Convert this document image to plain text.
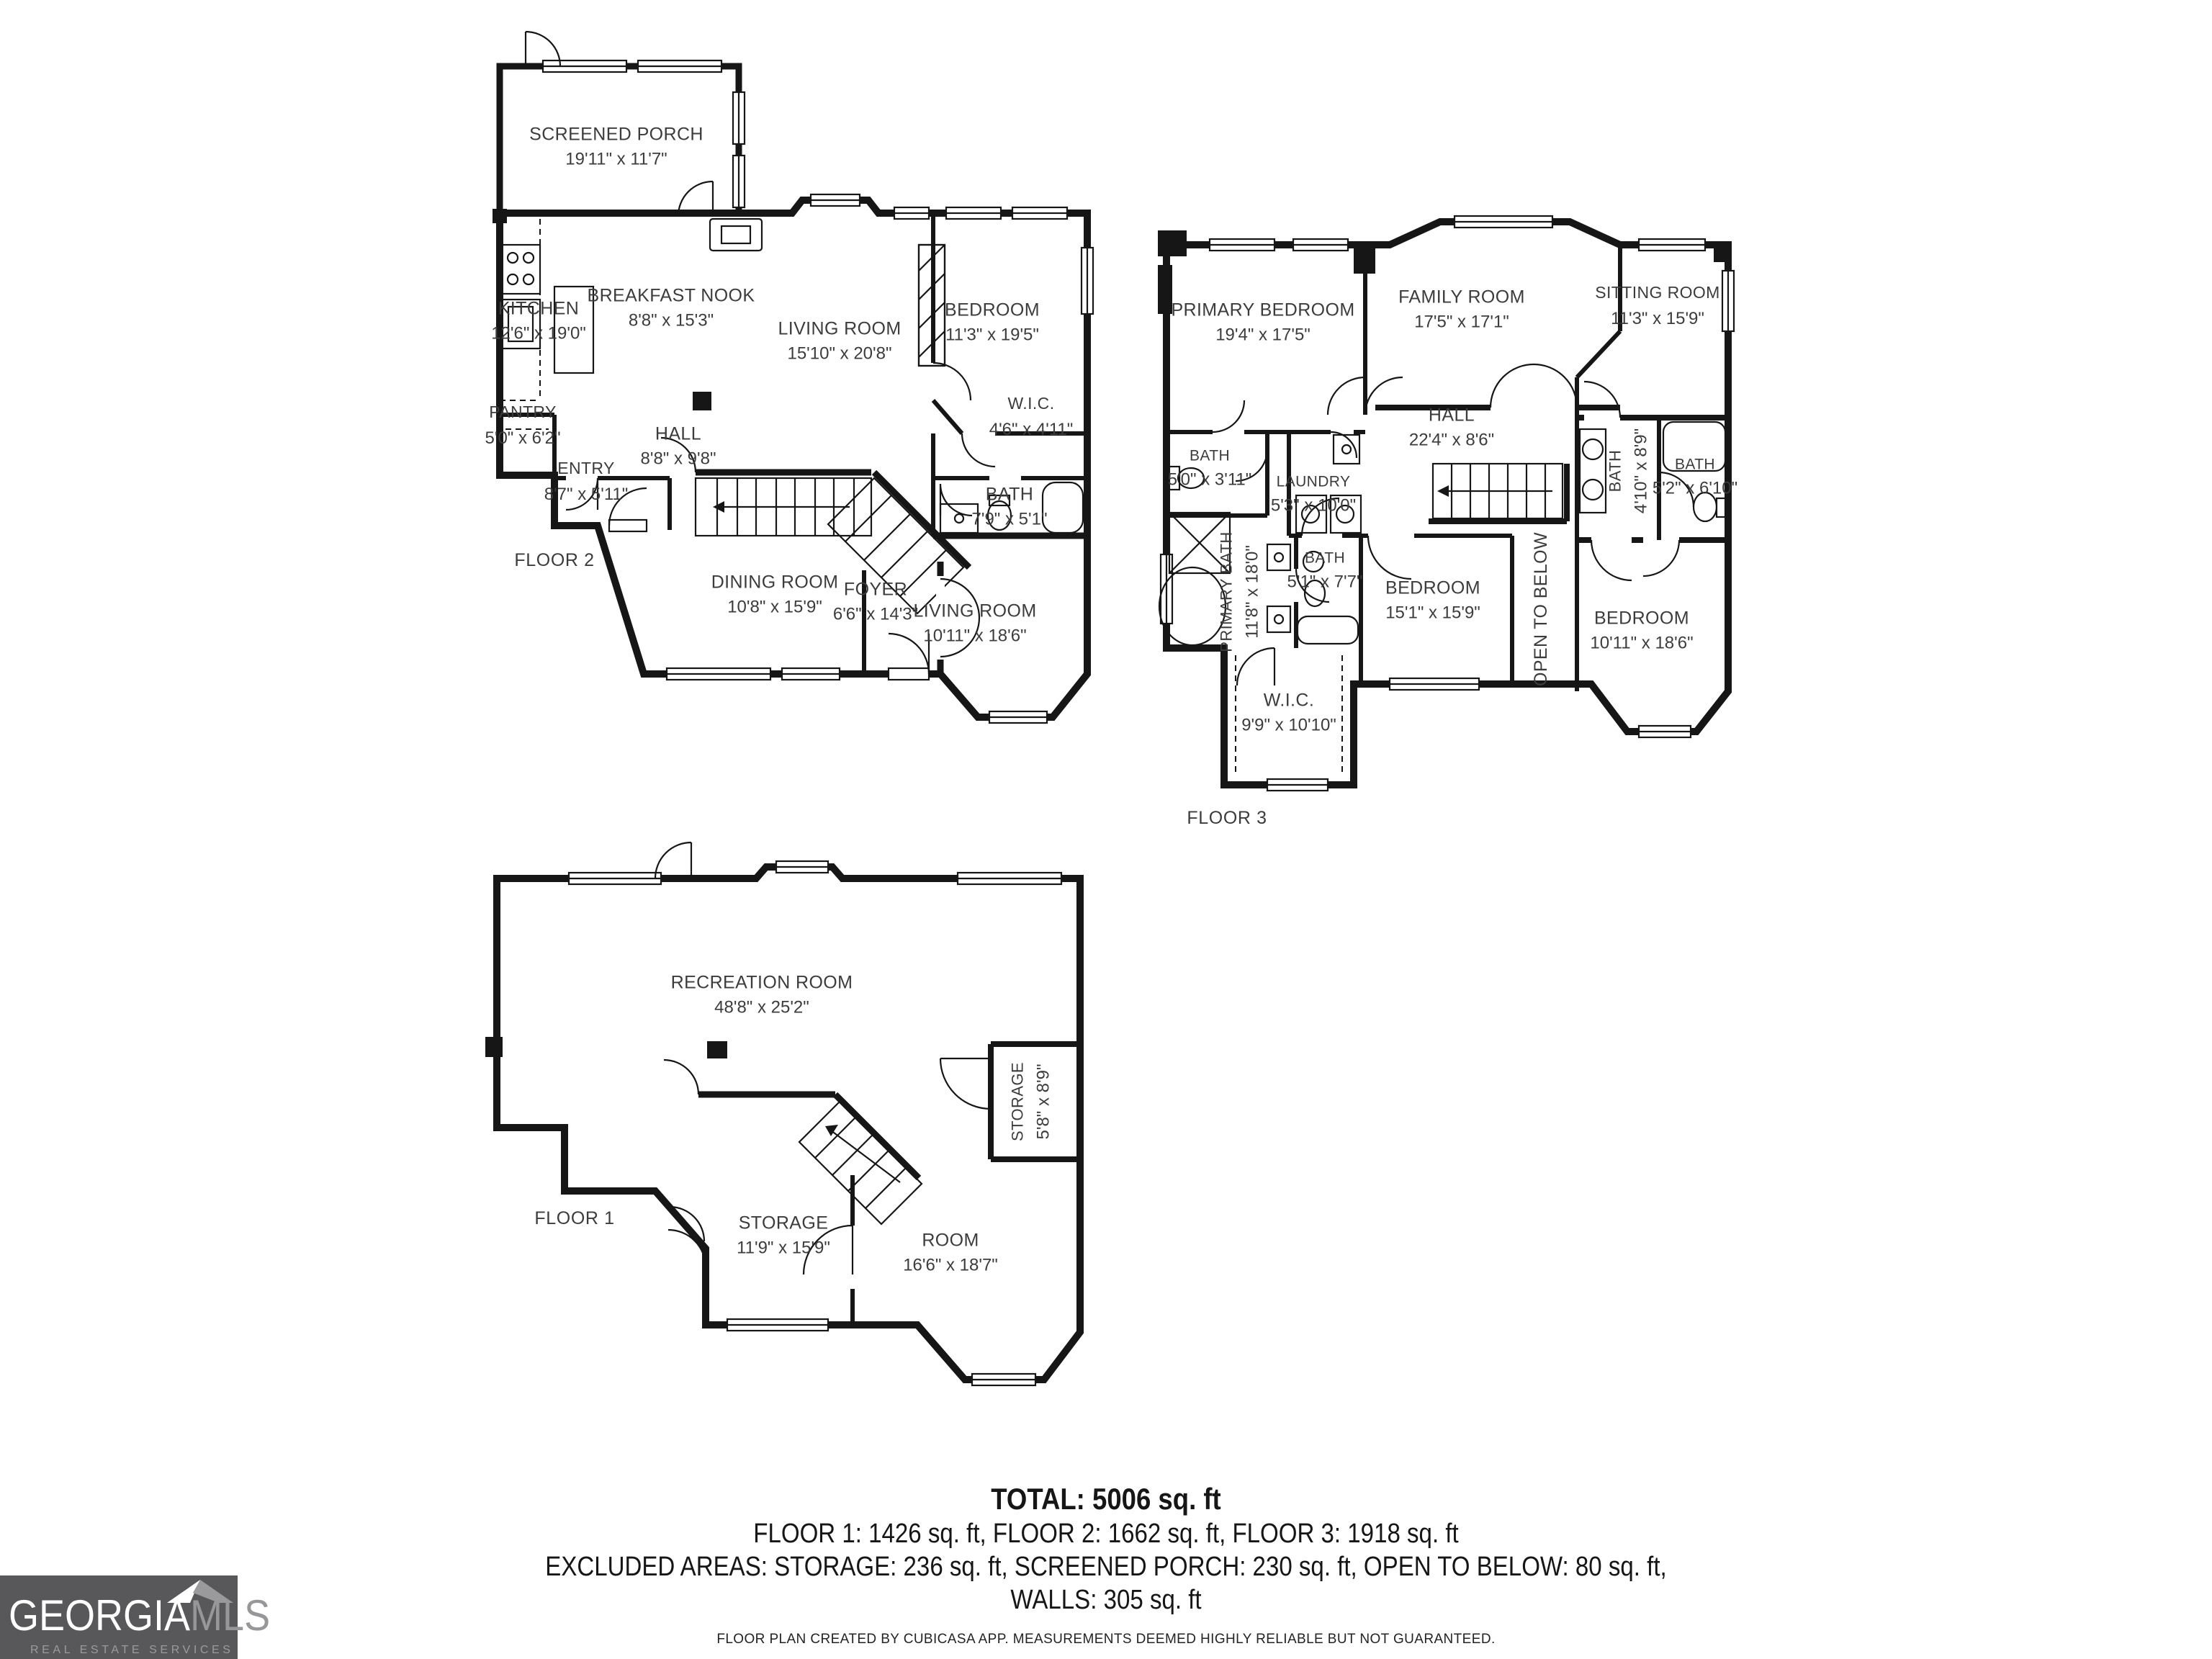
SCREENED PORCH
19'11" x 11'7"
KITCHEN
12'6" x 19'0"
BREAKFAST NOOK
8'8" x 15'3"	LIVING ROOM
15'10" x 20'8"
BEDROOM
11'3" x 19'5"
W.I.C.
4'6" x 4'11"
BATH
7'9" x 5'1"
PANTRY
5'0" x 6'2"
ENTRY
8'7" x 5'11"
HALL
8'8" x 9'8"
DINING ROOM
10'8" x 15'9"
FOYER
6'6" x 14'3"
LIVING ROOM
10'11" x 18'6"
FLOOR 2
PRIMARY BEDROOM
19'4" x 17'5"
FAMILY ROOM
17'5" x 17'1"
SITTING ROOM
11'3" x 15'9"
HALL
22'4" x 8'6"
BATH
5'0" x 3'11"	LAUNDRY
5'3" x 10'0"
PRIMARY BATH 11'8" x 18'0"	BATH
5'1" x 7'7"
BATH 4'10" x 8'9"	BATH
5'2" x 6'10"
BEDROOM
15'1" x 15'9"	OPEN TO BELOW	BEDROOM
10'11" x 18'6"
W.I.C.
9'9" x 10'10"
FLOOR 3
RECREATION ROOM
48'8" x 25'2"
STORAGE
11'9" x 15'9"	ROOM
16'6" x 18'7"
STORAGE 5'8" x 8'9"
FLOOR 1
TOTAL: 5006 sq. ft
FLOOR 1: 1426 sq. ft, FLOOR 2: 1662 sq. ft, FLOOR 3: 1918 sq. ft
EXCLUDED AREAS: STORAGE: 236 sq. ft, SCREENED PORCH: 230 sq. ft, OPEN TO BELOW: 80 sq. ft,
WALLS: 305 sq. ft
FLOOR PLAN CREATED BY CUBICASA APP. MEASUREMENTS DEEMED HIGHLY RELIABLE BUT NOT GUARANTEED.
GEORGIAMLS
REAL ESTATE SERVICES
